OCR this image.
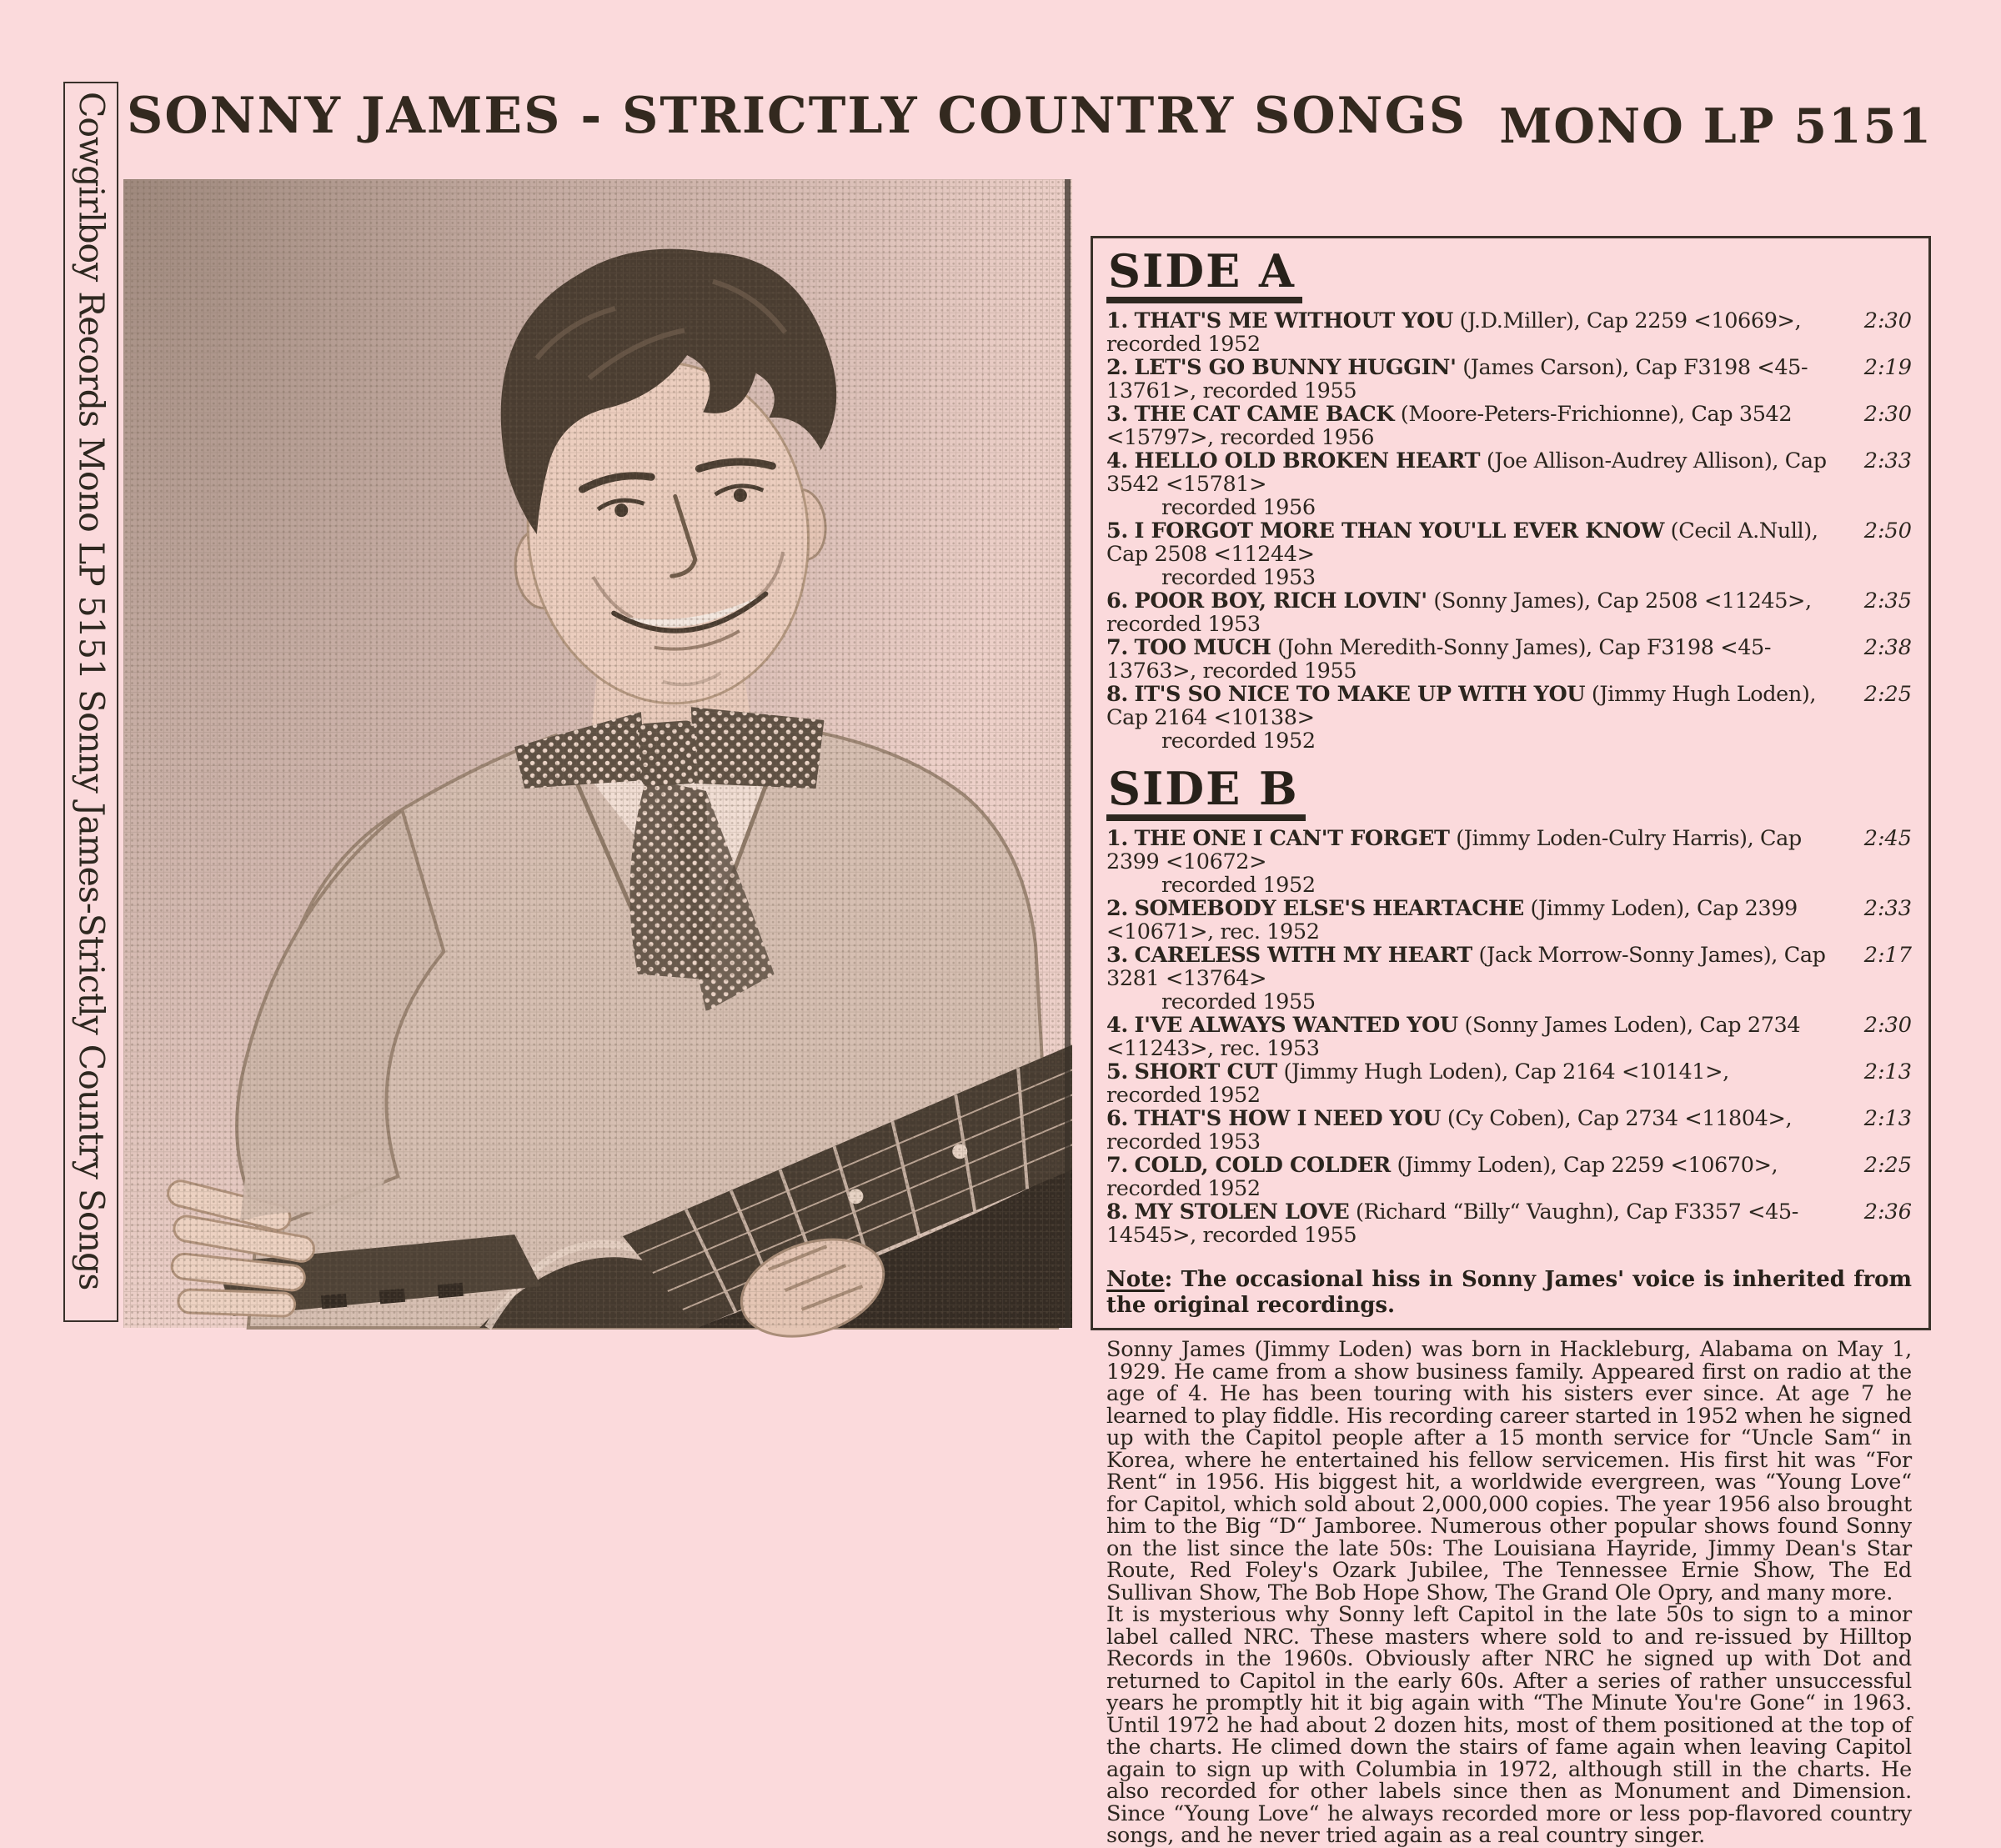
Cowgirlboy Records Mono LP 5151 Sonny James-Strictly Country Songs SONNY JAMES - STRICTLY COUNTRY SONGS MONO LP 5151
SIDE A
2:30
1. THAT'S ME WITHOUT YOU (J.D.Miller), Cap 2259 <10669>, recorded 1952
2:19
2. LET'S GO BUNNY HUGGIN' (James Carson), Cap F3198 <45-13761>, recorded 1955
2:30
3. THE CAT CAME BACK (Moore-Peters-Frichionne), Cap 3542 <15797>, recorded 1956
2:33
4. HELLO OLD BROKEN HEART (Joe Allison-Audrey Allison), Cap 3542 <15781>
recorded 1956
2:50
5. I FORGOT MORE THAN YOU'LL EVER KNOW (Cecil A.Null), Cap 2508 <11244>
recorded 1953
2:35
6. POOR BOY, RICH LOVIN' (Sonny James), Cap 2508 <11245>, recorded 1953
2:38
7. TOO MUCH (John Meredith-Sonny James), Cap F3198 <45-13763>, recorded 1955
2:25
8. IT'S SO NICE TO MAKE UP WITH YOU (Jimmy Hugh Loden), Cap 2164 <10138>
recorded 1952
SIDE B
2:45
1. THE ONE I CAN'T FORGET (Jimmy Loden-Culry Harris), Cap 2399 <10672>
recorded 1952
2:33
2. SOMEBODY ELSE'S HEARTACHE (Jimmy Loden), Cap 2399 <10671>, rec. 1952
2:17
3. CARELESS WITH MY HEART (Jack Morrow-Sonny James), Cap 3281 <13764>
recorded 1955
2:30
4. I'VE ALWAYS WANTED YOU (Sonny James Loden), Cap 2734 <11243>, rec. 1953
2:13
5. SHORT CUT (Jimmy Hugh Loden), Cap 2164 <10141>, recorded 1952
2:13
6. THAT'S HOW I NEED YOU (Cy Coben), Cap 2734 <11804>, recorded 1953
2:25
7. COLD, COLD COLDER (Jimmy Loden), Cap 2259 <10670>, recorded 1952
2:36
8. MY STOLEN LOVE (Richard “Billy“ Vaughn), Cap F3357 <45-14545>, recorded 1955
Note: The occasional hiss in Sonny James' voice is inherited from the original recordings.

Sonny James (Jimmy Loden) was born in Hackleburg, Alabama on May 1, 1929. He came from a show business family. Appeared first on radio at the age of 4. He has been touring with his sisters ever since. At age 7 he learned to play fiddle. His recording career started in 1952 when he signed up with the Capitol people after a 15 month service for “Uncle Sam“ in Korea, where he entertained his fellow servicemen. His first hit was “For Rent“ in 1956. His biggest hit, a worldwide evergreen, was “Young Love“ for Capitol, which sold about 2,000,000 copies. The year 1956 also brought him to the Big “D“ Jamboree. Numerous other popular shows found Sonny on the list since the late 50s: The Louisiana Hayride, Jimmy Dean's Star Route, Red Foley's Ozark Jubilee, The Tennessee Ernie Show, The Ed Sullivan Show, The Bob Hope Show, The Grand Ole Opry, and many more.

It is mysterious why Sonny left Capitol in the late 50s to sign to a minor label called NRC. These masters where sold to and re-issued by Hilltop Records in the 1960s. Obviously after NRC he signed up with Dot and returned to Capitol in the early 60s. After a series of rather unsuccessful years he promptly hit it big again with “The Minute You're Gone“ in 1963. Until 1972 he had about 2 dozen hits, most of them positioned at the top of the charts. He climed down the stairs of fame again when leaving Capitol again to sign up with Columbia in 1972, although still in the charts. He also recorded for other labels since then as Monument and Dimension. Since “Young Love“ he always recorded more or less pop-flavored country songs, and he never tried again as a real country singer.
